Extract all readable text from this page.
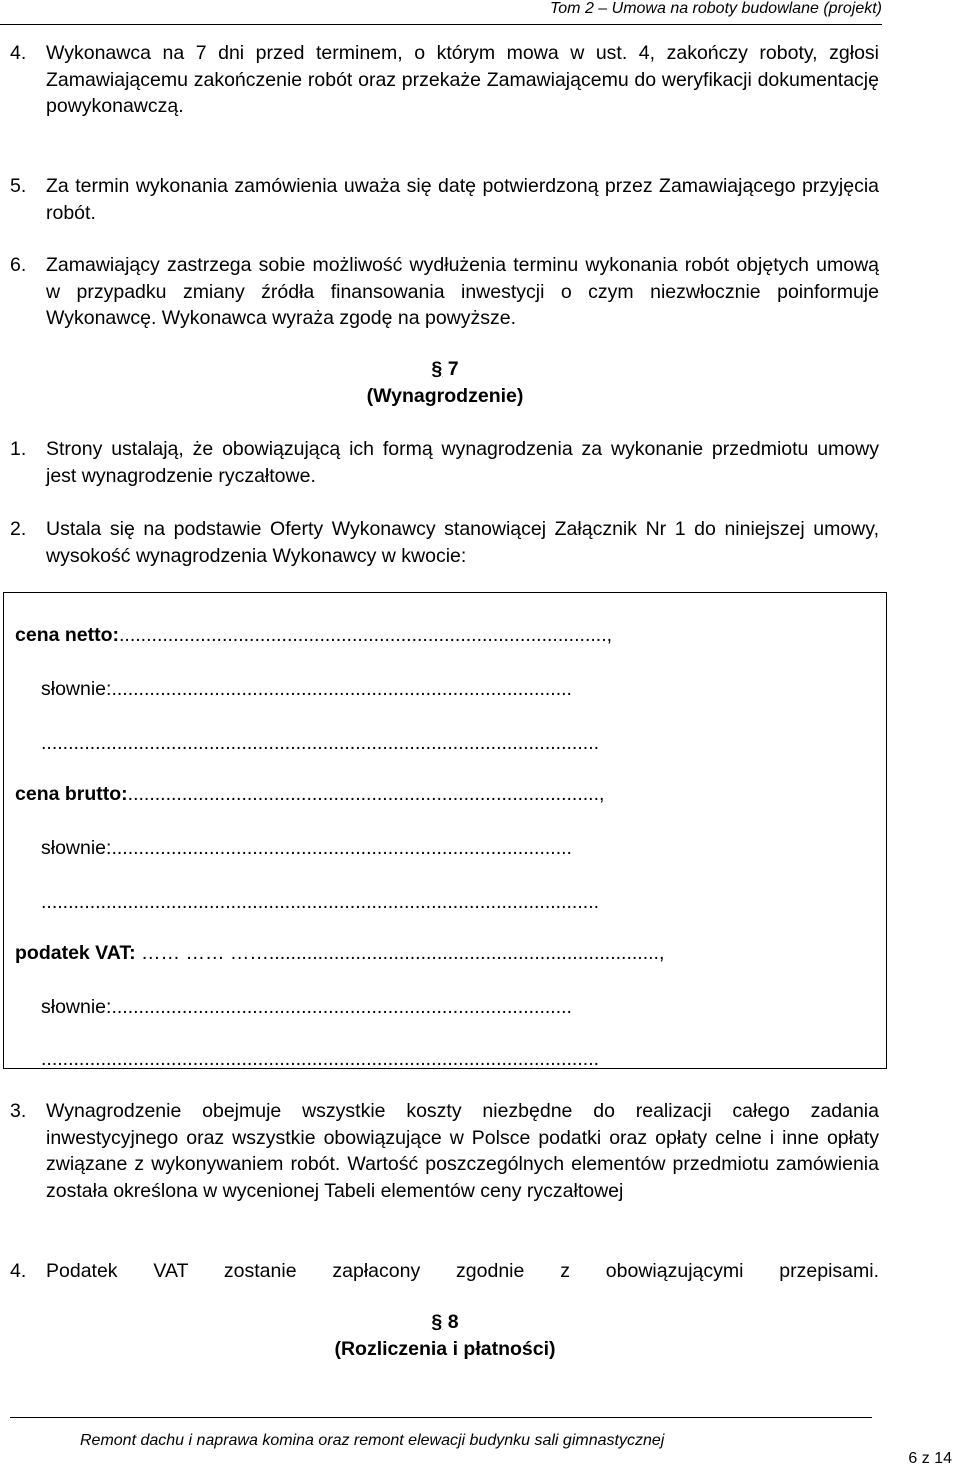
Tom 2 – Umowa na roboty budowlane (projekt)
4. Wykonawca na 7 dni przed terminem, o którym mowa w ust. 4, zakończy roboty, zgłosi Zamawiającemu zakończenie robót oraz przekaże Zamawiającemu do weryfikacji dokumentację powykonawczą.
5. Za termin wykonania zamówienia uważa się datę potwierdzoną przez Zamawiającego przyjęcia robót.
6. Zamawiający zastrzega sobie możliwość wydłużenia terminu wykonania robót objętych umową w przypadku zmiany źródła finansowania inwestycji o czym niezwłocznie poinformuje Wykonawcę. Wykonawca wyraża zgodę na powyższe.
§ 7
(Wynagrodzenie)
1. Strony ustalają, że obowiązującą ich formą wynagrodzenia za wykonanie przedmiotu umowy jest wynagrodzenie ryczałtowe.
2. Ustala się na podstawie Oferty Wykonawcy stanowiącej Załącznik Nr 1 do niniejszej umowy, wysokość wynagrodzenia Wykonawcy w kwocie:
cena netto:..........................................................................................,
słownie:.....................................................................................
.......................................................................................................
cena brutto:.......................................................................................,
słownie:.....................................................................................
.......................................................................................................
podatek VAT: …… …… ……........................................................................,
słownie:.....................................................................................
.......................................................................................................
3. Wynagrodzenie obejmuje wszystkie koszty niezbędne do realizacji całego zadania inwestycyjnego oraz wszystkie obowiązujące w Polsce podatki oraz opłaty celne i inne opłaty związane z wykonywaniem robót. Wartość poszczególnych elementów przedmiotu zamówienia została określona w wycenionej Tabeli elementów ceny ryczałtowej
4. Podatek VAT zostanie zapłacony zgodnie z obowiązującymi przepisami.
§ 8
(Rozliczenia i płatności)
Remont dachu i naprawa komina oraz remont elewacji budynku sali gimnastycznej
6 z 14
